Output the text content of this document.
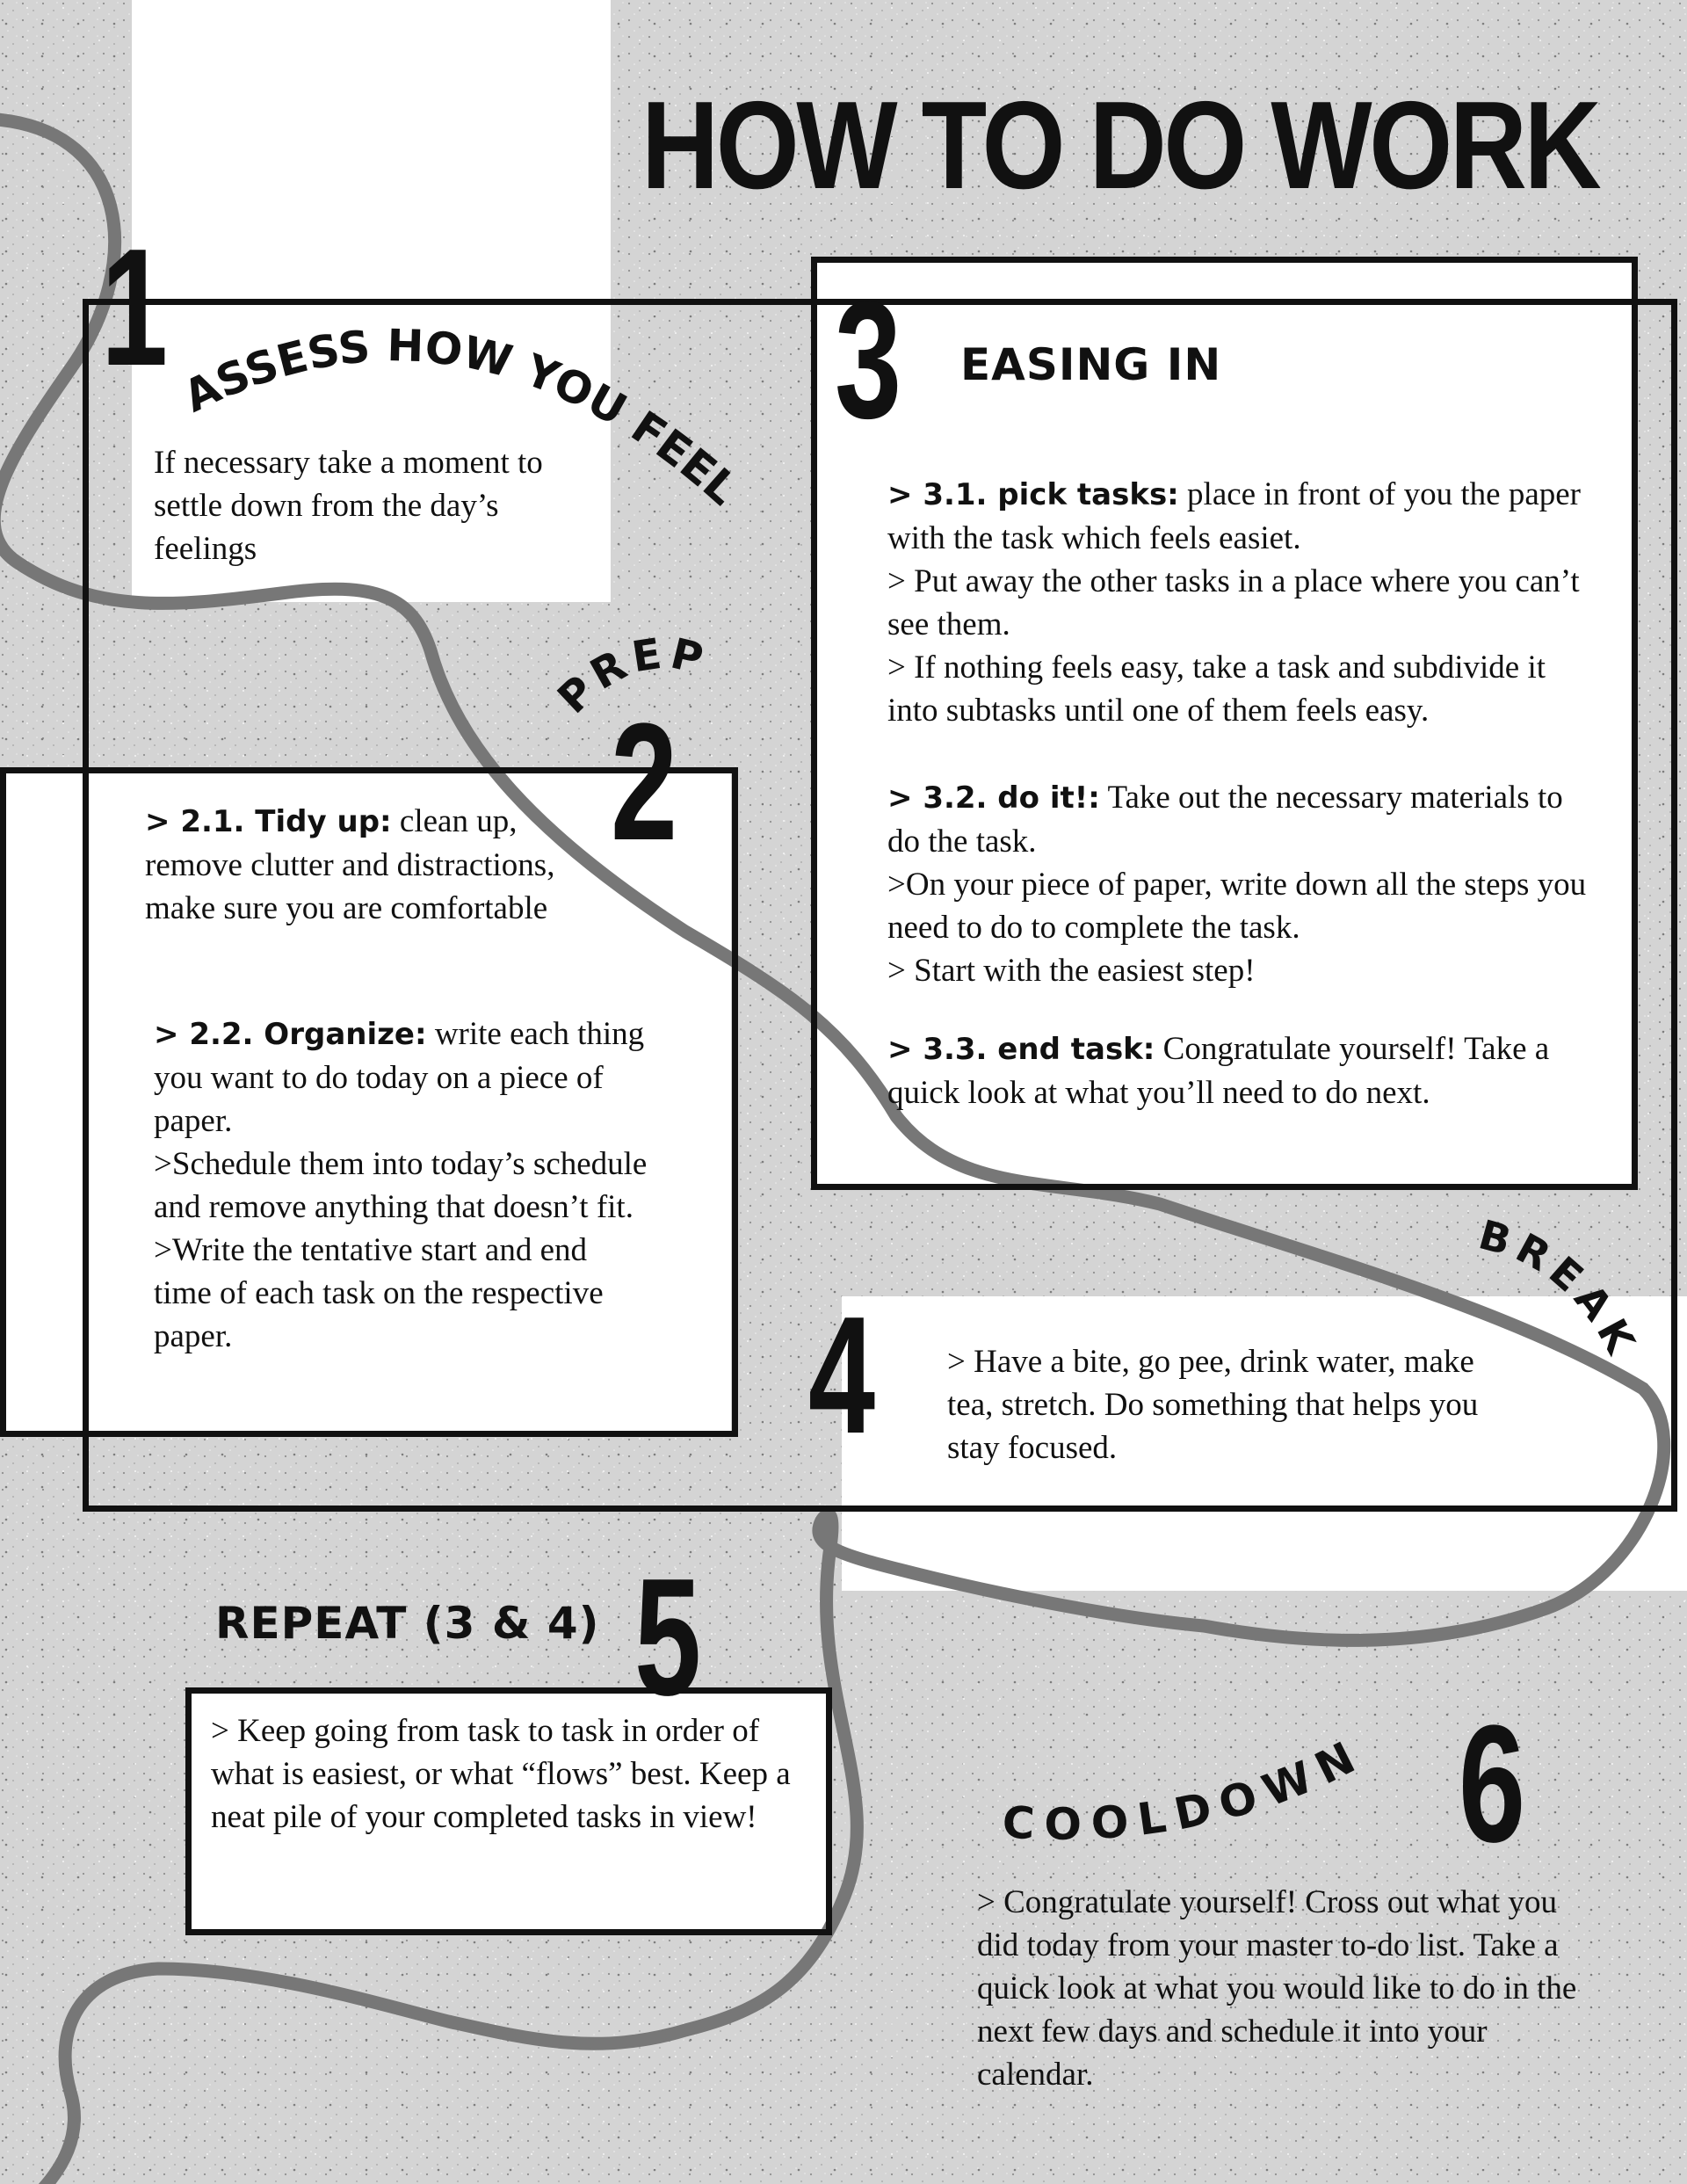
HOW TO DO WORK
1
2
3
4
5
6
ASSESS HOW YOU FEEL
PREP
BREAK
COOLDOWN
EASING IN
REPEAT (3 & 4)
If necessary take a moment to settle down from the day’s feelings
> 2.1. Tidy up: clean up, remove clutter and distractions, make sure you are comfortable

> 2.2. Organize: write each thing you want to do today on a piece of paper.

>Schedule them into today’s schedule and remove anything that doesn’t fit.

>Write the tentative start and end time of each task on the respective paper.

> 3.1. pick tasks: place in front of you the paper with the task which feels easiet.

> Put away the other tasks in a place where you can’t see them.

> If nothing feels easy, take a task and subdivide it into subtasks until one of them feels easy.

> 3.2. do it!: Take out the necessary materials to do the task.

>On your piece of paper, write down all the steps you need to do to complete the task.

> Start with the easiest step!

> 3.3. end task: Congratulate yourself! Take a quick look at what you’ll need to do next.

> Have a bite, go pee, drink water, make tea, stretch. Do something that helps you stay focused.
> Keep going from task to task in order of what is easiest, or what “flows” best. Keep a neat pile of your completed tasks in view!
> Congratulate yourself! Cross out what you did today from your master to-do list. Take a quick look at what you would like to do in the next few days and schedule it into your calendar.
